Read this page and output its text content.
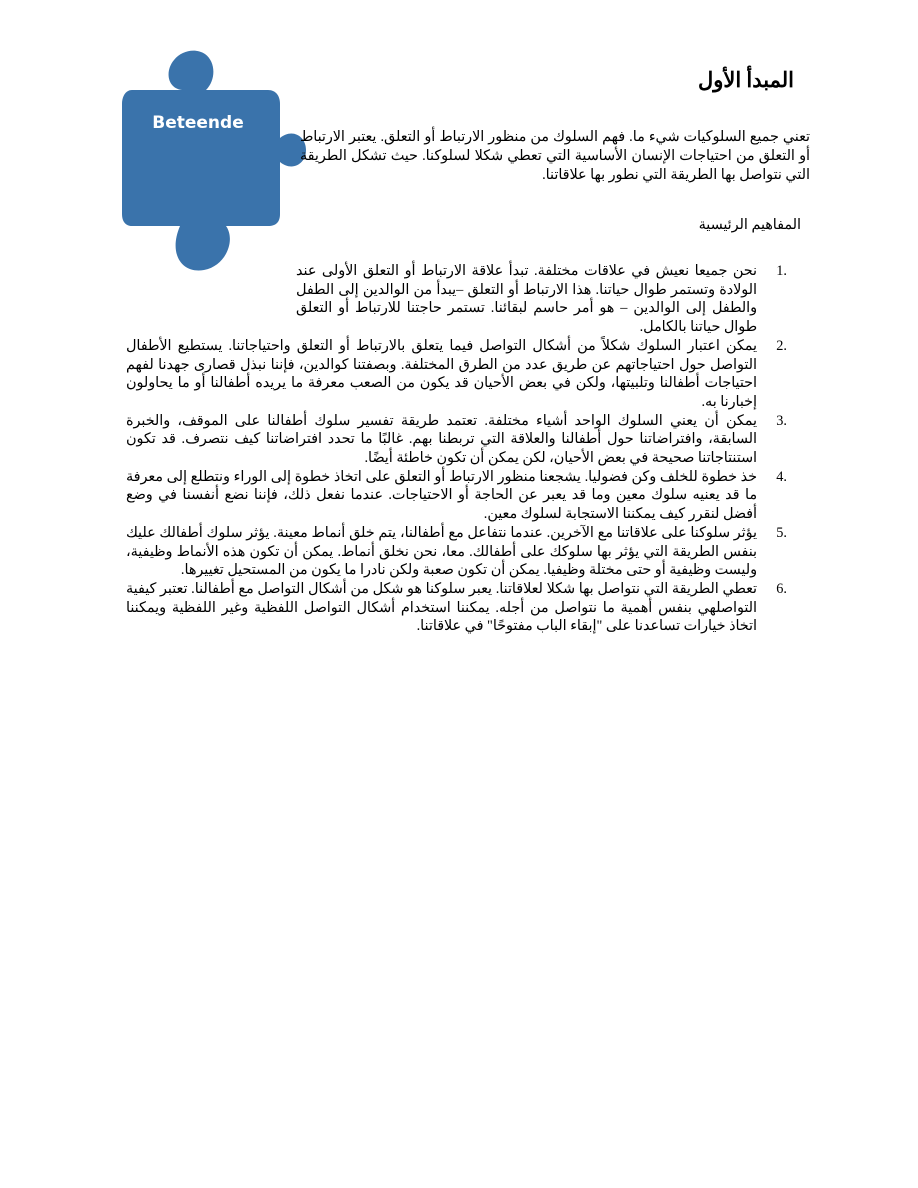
Beteende
المبدأ الأول
تعني جميع السلوكيات شيء ما. فهم السلوك من منظور الارتباط أو التعلق. يعتبر الارتباط أو التعلق من احتياجات الإنسان الأساسية التي تعطي شكلا لسلوكنا. حيث تشكل الطريقة التي نتواصل بها الطريقة التي نطور بها علاقاتنا.
المفاهيم الرئيسية
1.
نحن جميعا نعيش في علاقات مختلفة. تبدأ علاقة الارتباط أو التعلق الأولى عند الولادة وتستمر طوال حياتنا. هذا الارتباط أو التعلق –يبدأ من الوالدين إلى الطفل والطفل إلى الوالدين – هو أمر حاسم لبقائنا. تستمر حاجتنا للارتباط أو التعلق طوال حياتنا بالكامل.
2.
يمكن اعتبار السلوك شكلاً من أشكال التواصل فيما يتعلق بالارتباط أو التعلق واحتياجاتنا. يستطيع الأطفال التواصل حول احتياجاتهم عن طريق عدد من الطرق المختلفة. وبصفتنا كوالدين، فإننا نبذل قصارى جهدنا لفهم احتياجات أطفالنا وتلبيتها، ولكن في بعض الأحيان قد يكون من الصعب معرفة ما يريده أطفالنا أو ما يحاولون إخبارنا به.
3.
يمكن أن يعني السلوك الواحد أشياء مختلفة. تعتمد طريقة تفسير سلوك أطفالنا على الموقف، والخبرة السابقة، وافتراضاتنا حول أطفالنا والعلاقة التي تربطنا بهم. غالبًا ما تحدد افتراضاتنا كيف نتصرف. قد تكون استنتاجاتنا صحيحة في بعض الأحيان، لكن يمكن أن تكون خاطئة أيضًا.
4.
خذ خطوة للخلف وكن فضوليا. يشجعنا منظور الارتباط أو التعلق على اتخاذ خطوة إلى الوراء ونتطلع إلى معرفة ما قد يعنيه سلوك معين وما قد يعبر عن الحاجة أو الاحتياجات. عندما نفعل ذلك، فإننا نضع أنفسنا في وضع أفضل لنقرر كيف يمكننا الاستجابة لسلوك معين.
5.
يؤثر سلوكنا على علاقاتنا مع الآخرين. عندما نتفاعل مع أطفالنا، يتم خلق أنماط معينة. يؤثر سلوك أطفالك عليك بنفس الطريقة التي يؤثر بها سلوكك على أطفالك. معا، نحن نخلق أنماط. يمكن أن تكون هذه الأنماط وظيفية، وليست وظيفية أو حتى مختلة وظيفيا. يمكن أن تكون صعبة ولكن نادرا ما يكون من المستحيل تغييرها.
6.
تعطي الطريقة التي نتواصل بها شكلا لعلاقاتنا. يعبر سلوكنا هو شكل من أشكال التواصل مع أطفالنا. تعتبر كيفية التواصلهي بنفس أهمية ما نتواصل من أجله. يمكننا استخدام أشكال التواصل اللفظية وغير اللفظية ويمكننا اتخاذ خيارات تساعدنا على "إبقاء الباب مفتوحًا" في علاقاتنا.
